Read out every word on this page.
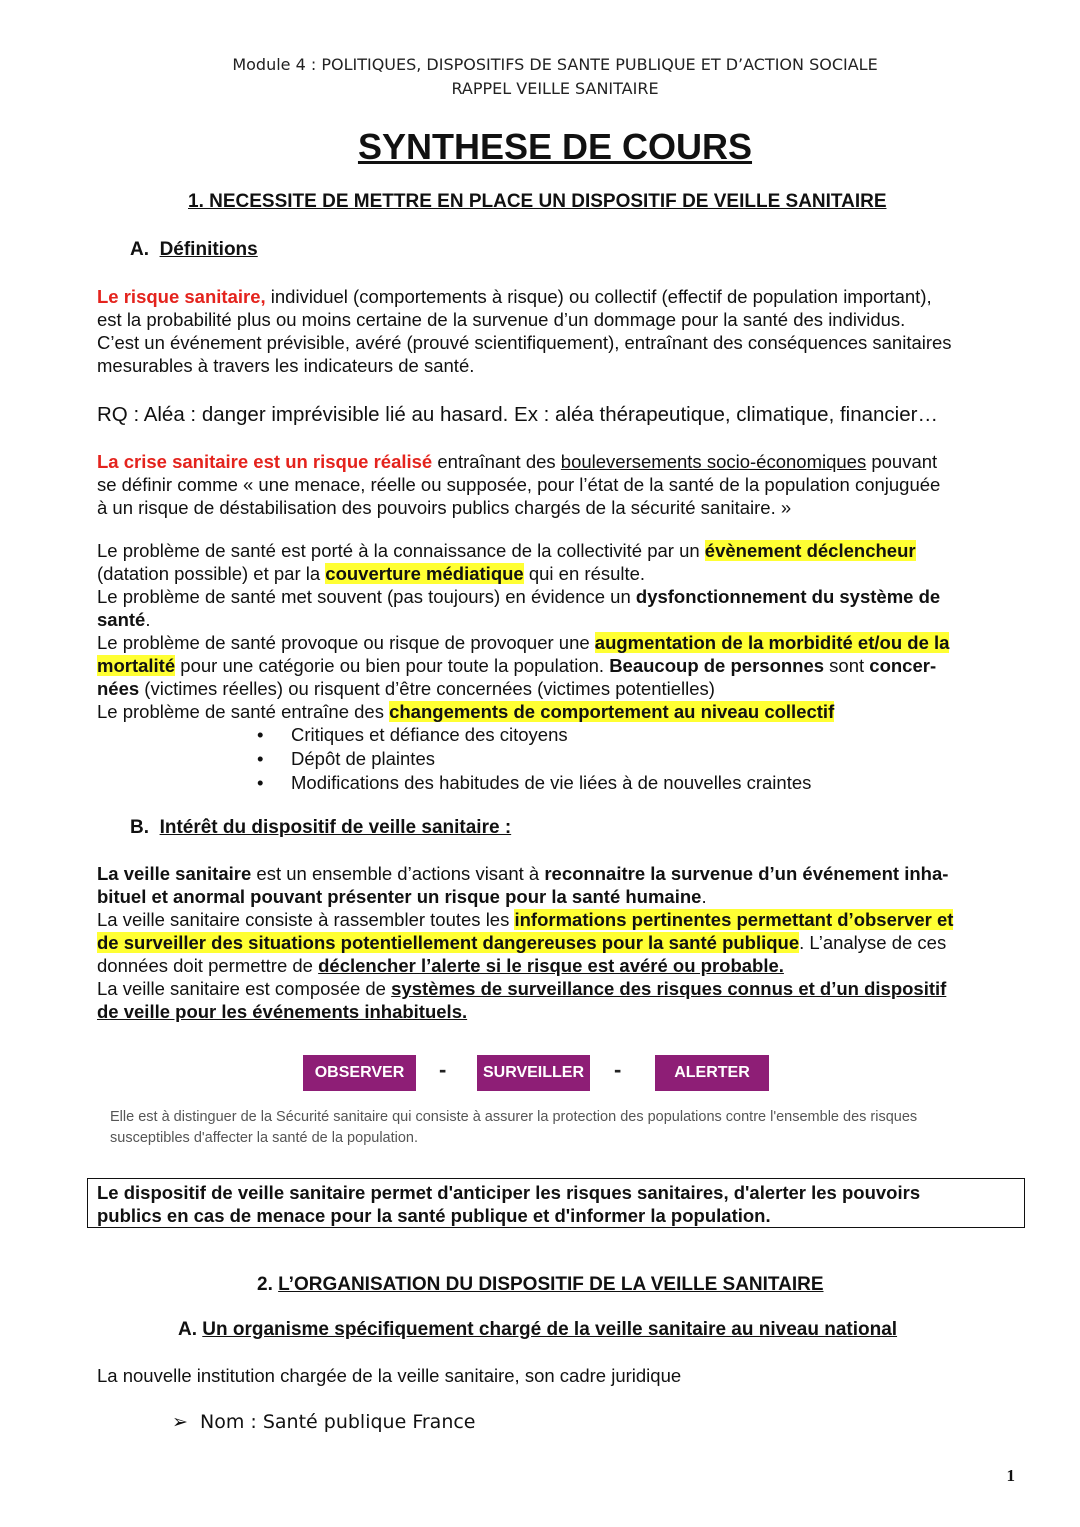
Module 4 : POLITIQUES, DISPOSITIFS DE SANTE PUBLIQUE ET D’ACTION SOCIALE
RAPPEL VEILLE SANITAIRE
SYNTHESE DE COURS
1. NECESSITE DE METTRE EN PLACE UN DISPOSITIF DE VEILLE SANITAIRE
A. Définitions
Le risque sanitaire, individuel (comportements à risque) ou collectif (effectif de population important),
est la probabilité plus ou moins certaine de la survenue d’un dommage pour la santé des individus.
C’est un événement prévisible, avéré (prouvé scientifiquement), entraînant des conséquences sanitaires
mesurables à travers les indicateurs de santé.
RQ : Aléa : danger imprévisible lié au hasard. Ex : aléa thérapeutique, climatique, financier…
La crise sanitaire est un risque réalisé entraînant des bouleversements socio-économiques pouvant
se définir comme « une menace, réelle ou supposée, pour l’état de la santé de la population conjuguée
à un risque de déstabilisation des pouvoirs publics chargés de la sécurité sanitaire. »
Le problème de santé est porté à la connaissance de la collectivité par un évènement déclencheur
(datation possible) et par la couverture médiatique qui en résulte.
Le problème de santé met souvent (pas toujours) en évidence un dysfonctionnement du système de
santé.
Le problème de santé provoque ou risque de provoquer une augmentation de la morbidité et/ou de la
mortalité pour une catégorie ou bien pour toute la population. Beaucoup de personnes sont concer-
nées (victimes réelles) ou risquent d’être concernées (victimes potentielles)
Le problème de santé entraîne des changements de comportement au niveau collectif
• Critiques et défiance des citoyens
• Dépôt de plaintes
• Modifications des habitudes de vie liées à de nouvelles craintes
B. Intérêt du dispositif de veille sanitaire :
La veille sanitaire est un ensemble d’actions visant à reconnaitre la survenue d’un événement inha-
bituel et anormal pouvant présenter un risque pour la santé humaine.
La veille sanitaire consiste à rassembler toutes les informations pertinentes permettant d’observer et
de surveiller des situations potentiellement dangereuses pour la santé publique. L’analyse de ces
données doit permettre de déclencher l’alerte si le risque est avéré ou probable.
La veille sanitaire est composée de systèmes de surveillance des risques connus et d’un dispositif
de veille pour les événements inhabituels.
OBSERVER	-	SURVEILLER -	ALERTER
Elle est à distinguer de la Sécurité sanitaire qui consiste à assurer la protection des populations contre l'ensemble des risques
susceptibles d'affecter la santé de la population.
Le dispositif de veille sanitaire permet d'anticiper les risques sanitaires, d'alerter les pouvoirs
publics en cas de menace pour la santé publique et d'informer la population.
2. L’ORGANISATION DU DISPOSITIF DE LA VEILLE SANITAIRE
A. Un organisme spécifiquement chargé de la veille sanitaire au niveau national
La nouvelle institution chargée de la veille sanitaire, son cadre juridique
➢ Nom : Santé publique France
1
